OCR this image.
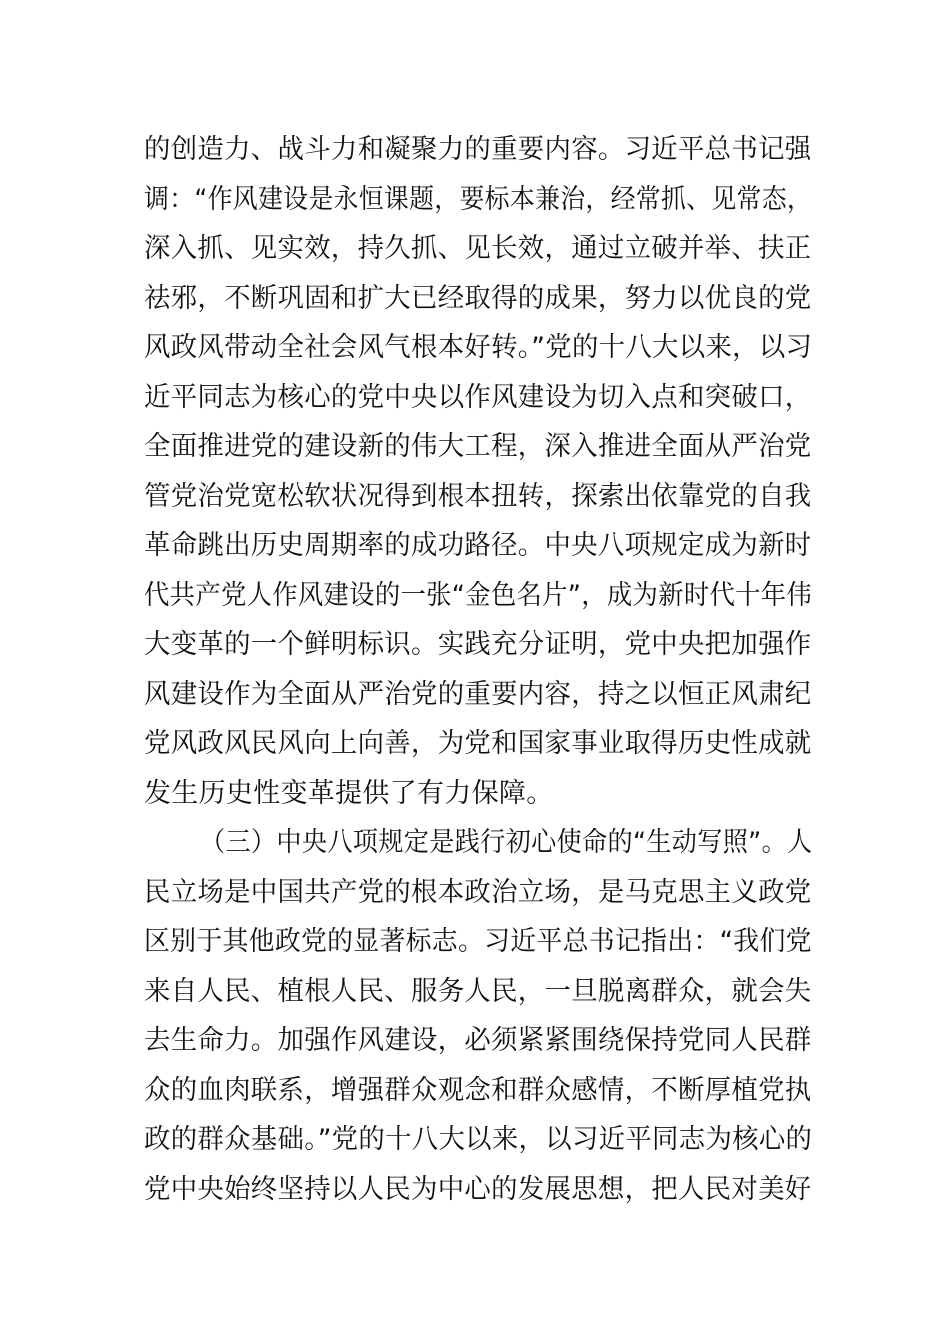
的创造力、战斗力和凝聚力的重要内容。习近平总书记强
调：“作风建设是永恒课题，要标本兼治，经常抓、见常态，
深入抓、见实效，持久抓、见长效，通过立破并举、扶正
祛邪，不断巩固和扩大已经取得的成果，努力以优良的党
风政风带动全社会风气根本好转。”党的十八大以来，以习
近平同志为核心的党中央以作风建设为切入点和突破口，
全面推进党的建设新的伟大工程，深入推进全面从严治党
管党治党宽松软状况得到根本扭转，探索出依靠党的自我
革命跳出历史周期率的成功路径。中央八项规定成为新时
代共产党人作风建设的一张“金色名片”，成为新时代十年伟
大变革的一个鲜明标识。实践充分证明，党中央把加强作
风建设作为全面从严治党的重要内容，持之以恒正风肃纪
党风政风民风向上向善，为党和国家事业取得历史性成就
发生历史性变革提供了有力保障。
（三）中央八项规定是践行初心使命的“生动写照”。人
民立场是中国共产党的根本政治立场，是马克思主义政党
区别于其他政党的显著标志。习近平总书记指出：“我们党
来自人民、植根人民、服务人民，一旦脱离群众，就会失
去生命力。加强作风建设，必须紧紧围绕保持党同人民群
众的血肉联系，增强群众观念和群众感情，不断厚植党执
政的群众基础。”党的十八大以来，以习近平同志为核心的
党中央始终坚持以人民为中心的发展思想，把人民对美好
